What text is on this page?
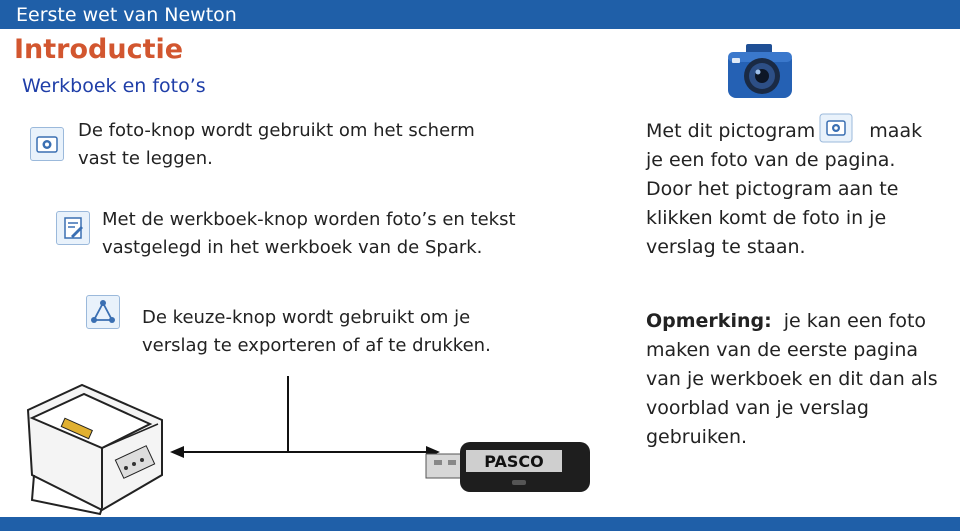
Eerste wet van Newton
Introductie
Werkboek en foto’s
De foto-knop wordt gebruikt om het scherm
vast te leggen.
Met de werkboek-knop worden foto’s en tekst
vastgelegd in het werkboek van de Spark.
De keuze-knop wordt gebruikt om je
verslag te exporteren of af te drukken.
Met dit pictogram	maak
je een foto van de pagina.
Door het pictogram aan te
klikken komt de foto in je
verslag te staan.
Opmerking: je kan een foto
maken van de eerste pagina
van je werkboek en dit dan als
voorblad van je verslag
gebruiken.
PASCO
